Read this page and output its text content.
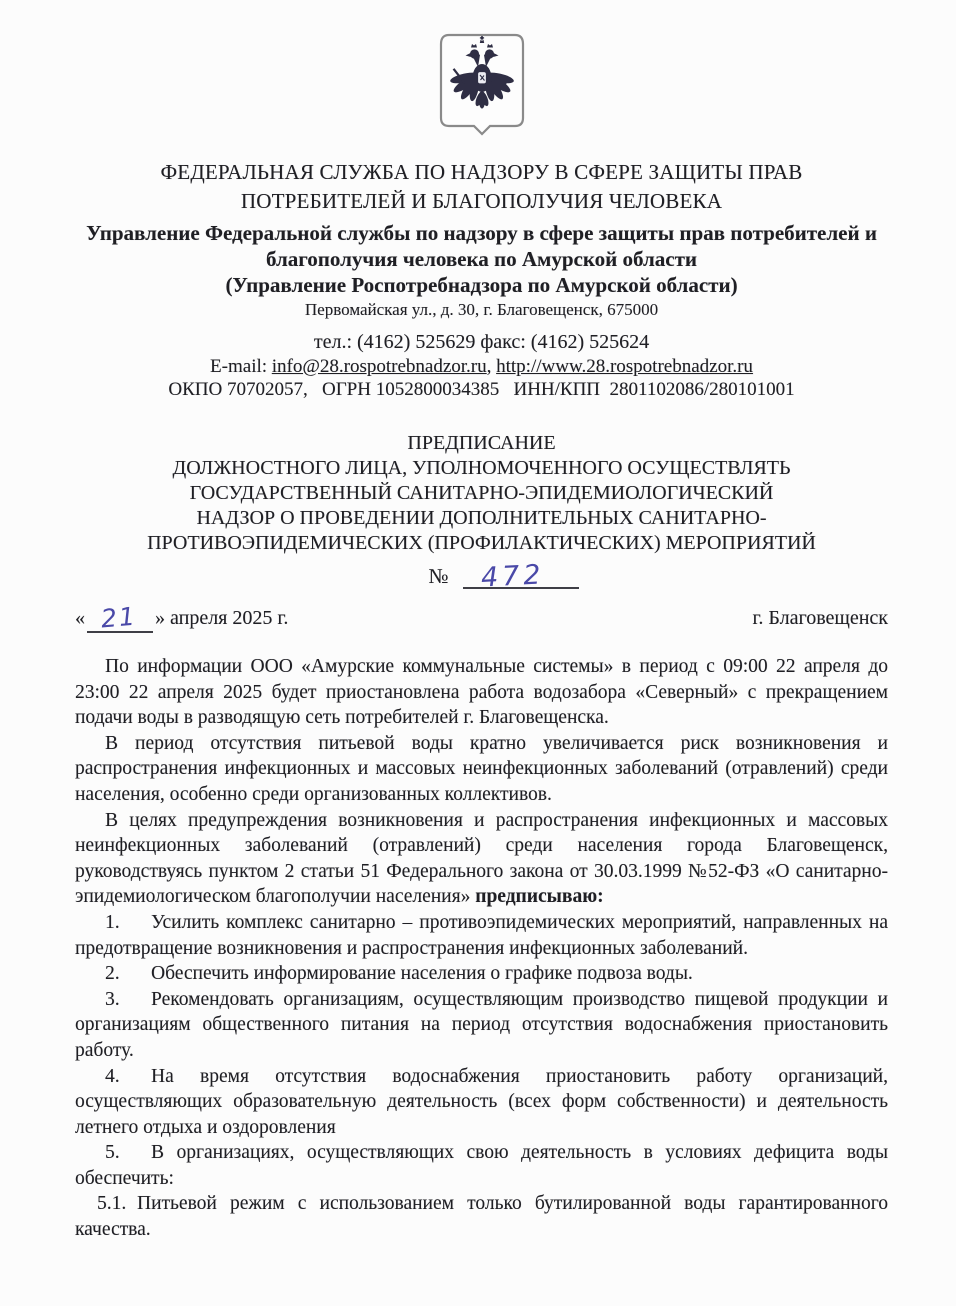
ФЕДЕРАЛЬНАЯ СЛУЖБА ПО НАДЗОРУ В СФЕРЕ ЗАЩИТЫ ПРАВ
ПОТРЕБИТЕЛЕЙ И БЛАГОПОЛУЧИЯ ЧЕЛОВЕКА
Управление Федеральной службы по надзору в сфере защиты прав потребителей и
благополучия человека по Амурской области
(Управление Роспотребнадзора по Амурской области)
Первомайская ул., д. 30, г. Благовещенск, 675000
тел.: (4162) 525629 факс: (4162) 525624
E-mail: info@28.rospotrebnadzor.ru, http://www.28.rospotrebnadzor.ru
ОКПО 70702057,   ОГРН 1052800034385   ИНН/КПП  2801102086/280101001
ПРЕДПИСАНИЕ
ДОЛЖНОСТНОГО ЛИЦА, УПОЛНОМОЧЕННОГО ОСУЩЕСТВЛЯТЬ
ГОСУДАРСТВЕННЫЙ САНИТАРНО-ЭПИДЕМИОЛОГИЧЕСКИЙ
НАДЗОР О ПРОВЕДЕНИИ ДОПОЛНИТЕЛЬНЫХ САНИТАРНО-
ПРОТИВОЭПИДЕМИЧЕСКИХ (ПРОФИЛАКТИЧЕСКИХ) МЕРОПРИЯТИЙ
№ 472
« 21 » апреля 2025 г.	г. Благовещенск

По информации ООО «Амурские коммунальные системы» в период с 09:00 22 апреля до 23:00 22 апреля 2025 будет приостановлена работа водозабора «Северный» с прекращением подачи воды в разводящую сеть потребителей г. Благовещенска.

В период отсутствия питьевой воды кратно увеличивается риск возникновения и распространения инфекционных и массовых неинфекционных заболеваний (отравлений) среди населения, особенно среди организованных коллективов.

В целях предупреждения возникновения и распространения инфекционных и массовых неинфекционных заболеваний (отравлений) среди населения города Благовещенск, руководствуясь пунктом 2 статьи 51 Федерального закона от 30.03.1999 №52-ФЗ «О санитарно-эпидемиологическом благополучии населения» предписываю:

1. Усилить комплекс санитарно – противоэпидемических мероприятий, направленных на предотвращение возникновения и распространения инфекционных заболеваний.

2. Обеспечить информирование населения о графике подвоза воды.

3. Рекомендовать организациям, осуществляющим производство пищевой продукции и организациям общественного питания на период отсутствия водоснабжения приостановить работу.

4. На время отсутствия водоснабжения приостановить работу организаций, осуществляющих образовательную деятельность (всех форм собственности) и деятельность летнего отдыха и оздоровления

5. В организациях, осуществляющих свою деятельность в условиях дефицита воды обеспечить:

5.1. Питьевой режим с использованием только бутилированной воды гарантированного качества.
